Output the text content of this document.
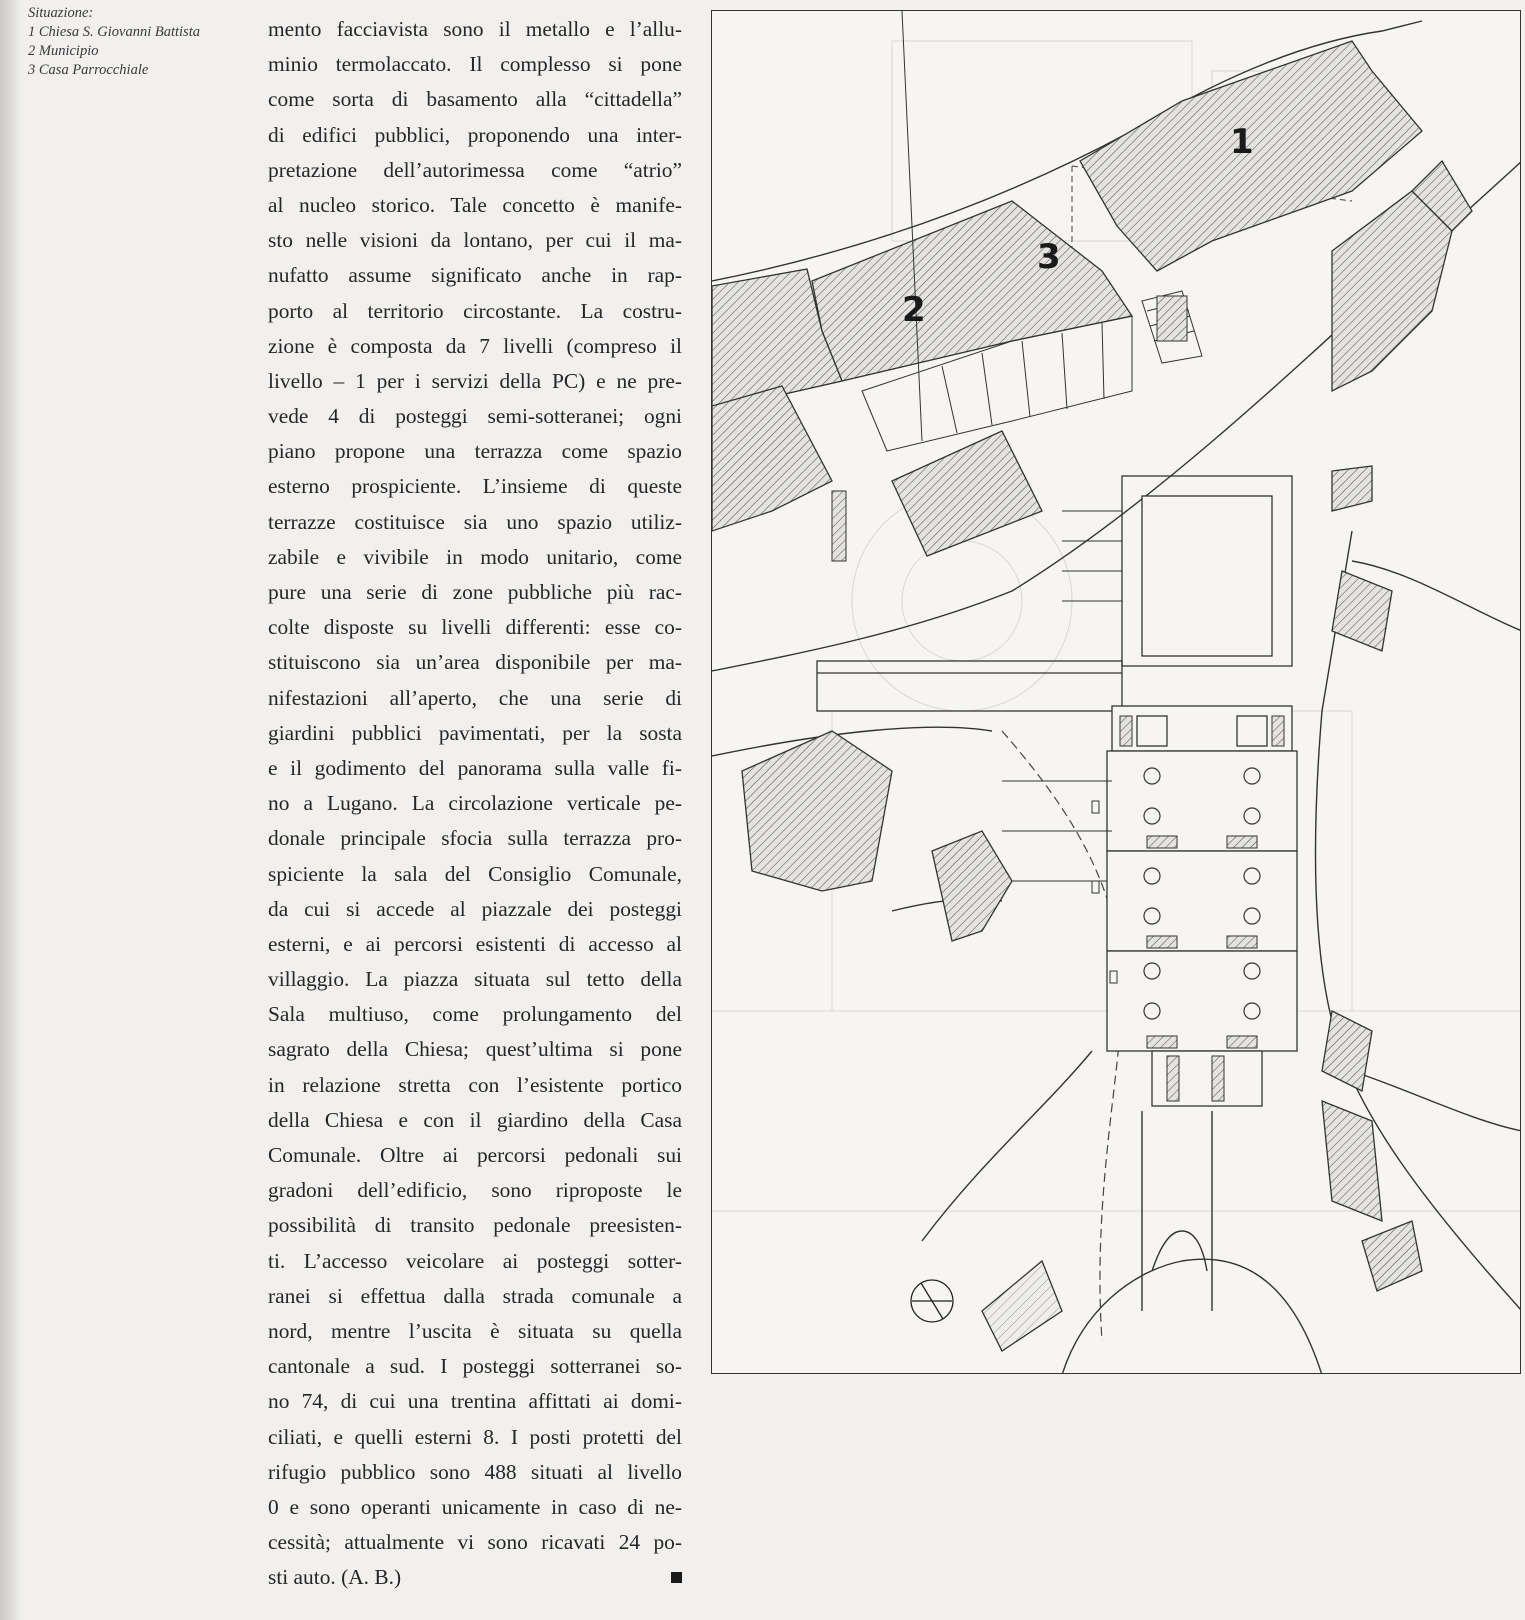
Situazione:
1 Chiesa S. Giovanni Battista
2 Municipio
3 Casa Parrocchiale
mento facciavista sono il metallo e l’allu-
minio termolaccato. Il complesso si pone
come sorta di basamento alla “cittadella”
di edifici pubblici, proponendo una inter-
pretazione dell’autorimessa come “atrio”
al nucleo storico. Tale concetto è manife-
sto nelle visioni da lontano, per cui il ma-
nufatto assume significato anche in rap-
porto al territorio circostante. La costru-
zione è composta da 7 livelli (compreso il
livello – 1 per i servizi della PC) e ne pre-
vede 4 di posteggi semi-sotteranei; ogni
piano propone una terrazza come spazio
esterno prospiciente. L’insieme di queste
terrazze costituisce sia uno spazio utiliz-
zabile e vivibile in modo unitario, come
pure una serie di zone pubbliche più rac-
colte disposte su livelli differenti: esse co-
stituiscono sia un’area disponibile per ma-
nifestazioni all’aperto, che una serie di
giardini pubblici pavimentati, per la sosta
e il godimento del panorama sulla valle fi-
no a Lugano. La circolazione verticale pe-
donale principale sfocia sulla terrazza pro-
spiciente la sala del Consiglio Comunale,
da cui si accede al piazzale dei posteggi
esterni, e ai percorsi esistenti di accesso al
villaggio. La piazza situata sul tetto della
Sala multiuso, come prolungamento del
sagrato della Chiesa; quest’ultima si pone
in relazione stretta con l’esistente portico
della Chiesa e con il giardino della Casa
Comunale. Oltre ai percorsi pedonali sui
gradoni dell’edificio, sono riproposte le
possibilità di transito pedonale preesisten-
ti. L’accesso veicolare ai posteggi sotter-
ranei si effettua dalla strada comunale a
nord, mentre l’uscita è situata su quella
cantonale a sud. I posteggi sotterranei so-
no 74, di cui una trentina affittati ai domi-
ciliati, e quelli esterni 8. I posti protetti del
rifugio pubblico sono 488 situati al livello
0 e sono operanti unicamente in caso di ne-
cessità; attualmente vi sono ricavati 24 po-
sti auto. (A. B.)
1
2
3
